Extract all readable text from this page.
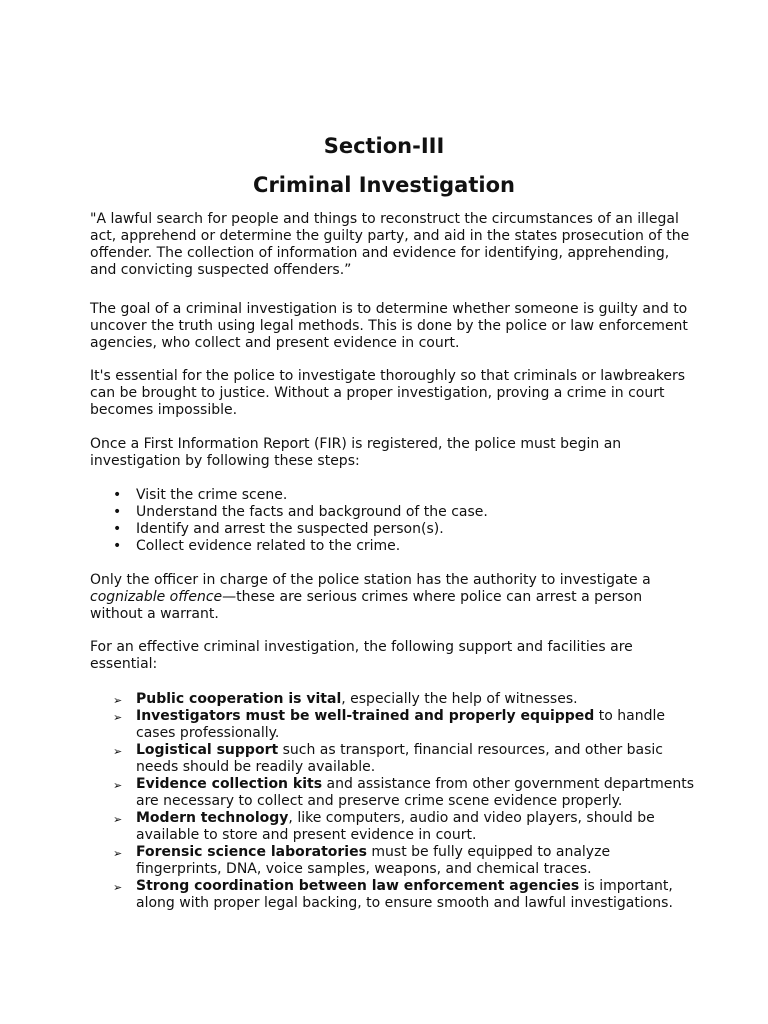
Section-III
Criminal Investigation

"A lawful search for people and things to reconstruct the circumstances of an illegal act, apprehend or determine the guilty party, and aid in the states prosecution of the offender. The collection of information and evidence for identifying, apprehending, and convicting suspected offenders.”

The goal of a criminal investigation is to determine whether someone is guilty and to uncover the truth using legal methods. This is done by the police or law enforcement agencies, who collect and present evidence in court.

It's essential for the police to investigate thoroughly so that criminals or lawbreakers can be brought to justice. Without a proper investigation, proving a crime in court becomes impossible.

Once a First Information Report (FIR) is registered, the police must begin an investigation by following these steps:

•	Visit the crime scene.
•	Understand the facts and background of the case.
•	Identify and arrest the suspected person(s).
•	Collect evidence related to the crime.

Only the officer in charge of the police station has the authority to investigate a cognizable offence—these are serious crimes where police can arrest a person without a warrant.

For an effective criminal investigation, the following support and facilities are essential:

➢ Public cooperation is vital, especially the help of witnesses.
➢ Investigators must be well-trained and properly equipped to handle cases professionally.
➢ Logistical support such as transport, financial resources, and other basic needs should be readily available.
➢ Evidence collection kits and assistance from other government departments are necessary to collect and preserve crime scene evidence properly.
➢ Modern technology, like computers, audio and video players, should be available to store and present evidence in court.
➢ Forensic science laboratories must be fully equipped to analyze fingerprints, DNA, voice samples, weapons, and chemical traces.
➢ Strong coordination between law enforcement agencies is important, along with proper legal backing, to ensure smooth and lawful investigations.
